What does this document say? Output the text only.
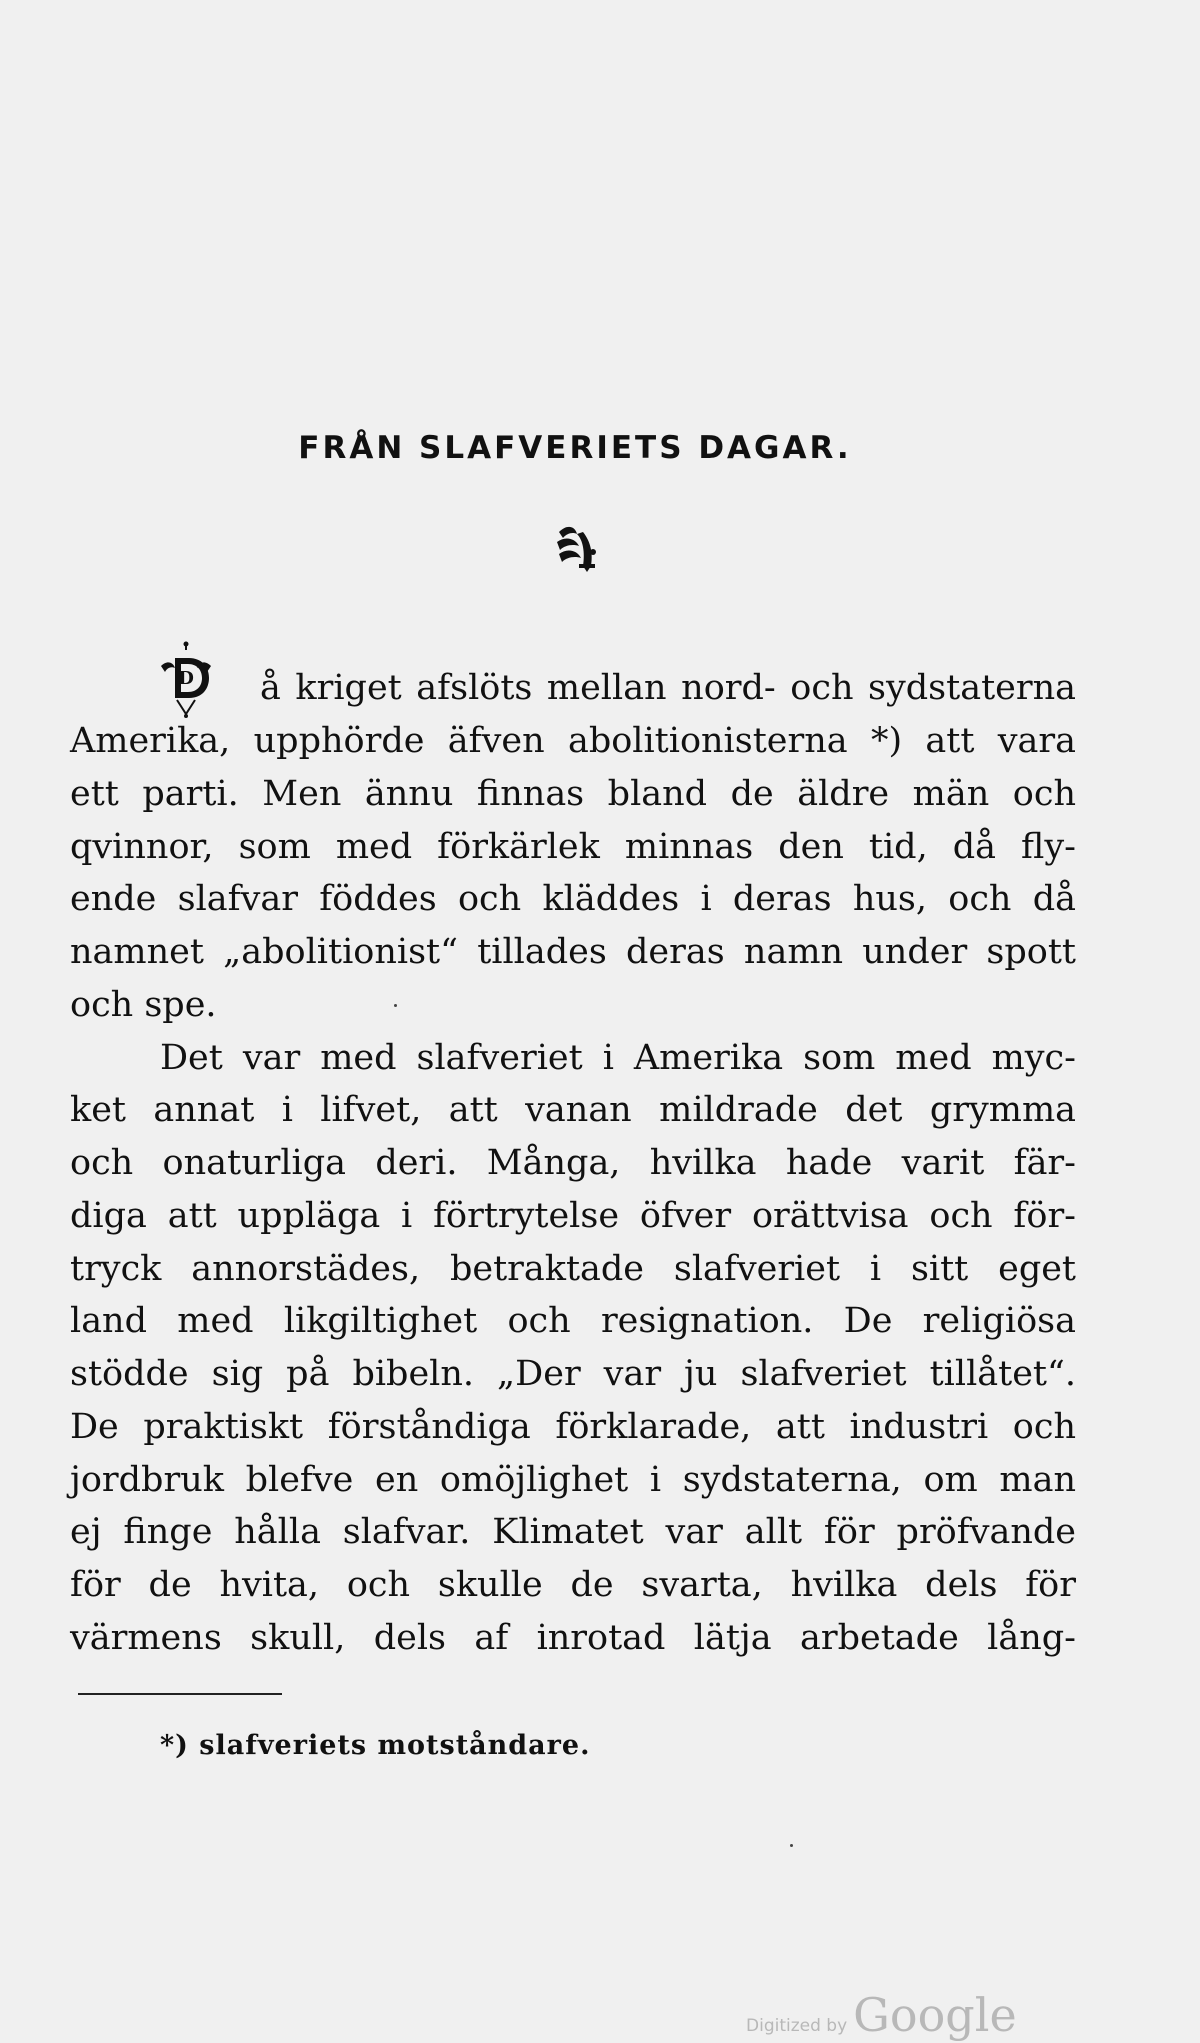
FRÅN SLAFVERIETS DAGAR.
D å kriget afslöts mellan nord- och sydstaterna

Amerika, upphörde äfven abolitionisterna *) att vara

ett parti. Men ännu finnas bland de äldre män och

qvinnor, som med förkärlek minnas den tid, då fly-

ende slafvar föddes och kläddes i deras hus, och då

namnet „abolitionist“ tillades deras namn under spott

och spe.

Det var med slafveriet i Amerika som med myc-

ket annat i lifvet, att vanan mildrade det grymma

och onaturliga deri. Många, hvilka hade varit fär-

diga att uppläga i förtrytelse öfver orättvisa och för-

tryck annorstädes, betraktade slafveriet i sitt eget

land med likgiltighet och resignation. De religiösa

stödde sig på bibeln. „Der var ju slafveriet tillåtet“.

De praktiskt förståndiga förklarade, att industri och

jordbruk blefve en omöjlighet i sydstaterna, om man

ej finge hålla slafvar. Klimatet var allt för pröfvande

för de hvita, och skulle de svarta, hvilka dels för

värmens skull, dels af inrotad lätja arbetade lång-

*) slafveriets motståndare.

Digitized by Google
